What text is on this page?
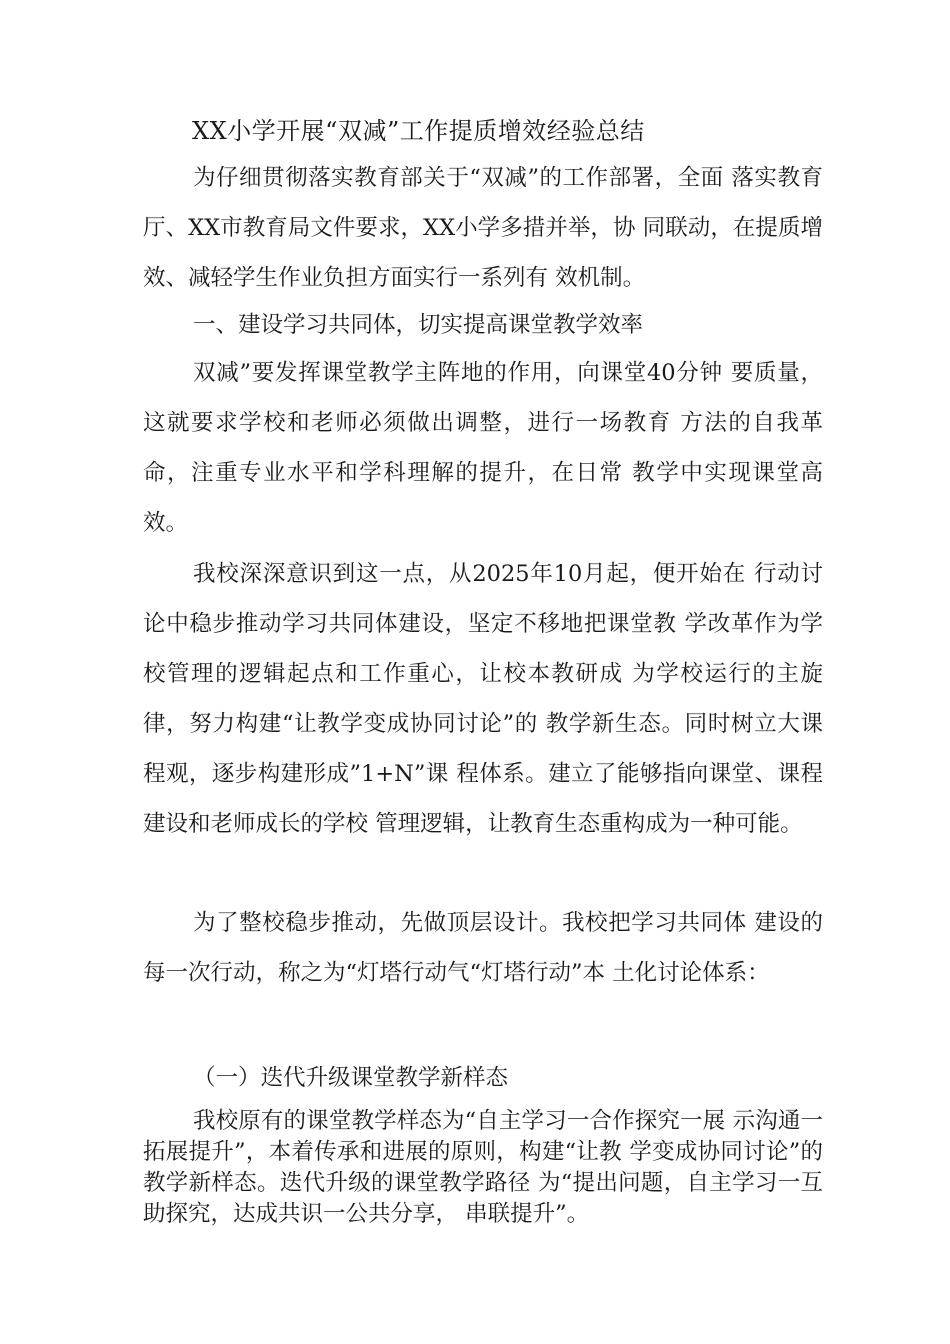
XX小学开展“双减”工作提质增效经验总结

为仔细贯彻落实教育部关于“双减”的工作部署，全面 落实教育厅、XX市教育局文件要求，XX小学多措并举，协 同联动，在提质增效、减轻学生作业负担方面实行一系列有 效机制。

一、建设学习共同体，切实提高课堂教学效率

双减”要发挥课堂教学主阵地的作用，向课堂40分钟 要质量，这就要求学校和老师必须做出调整，进行一场教育 方法的自我革命，注重专业水平和学科理解的提升，在日常 教学中实现课堂高效。

我校深深意识到这一点，从2025年10月起，便开始在 行动讨论中稳步推动学习共同体建设，坚定不移地把课堂教 学改革作为学校管理的逻辑起点和工作重心，让校本教研成 为学校运行的主旋律，努力构建“让教学变成协同讨论”的 教学新生态。同时树立大课程观，逐步构建形成”1+N”课 程体系。建立了能够指向课堂、课程建设和老师成长的学校 管理逻辑，让教育生态重构成为一种可能。

为了整校稳步推动，先做顶层设计。我校把学习共同体 建设的每一次行动，称之为“灯塔行动气“灯塔行动”本 土化讨论体系：

（一）迭代升级课堂教学新样态

我校原有的课堂教学样态为“自主学习一合作探究一展 示沟通一拓展提升”，本着传承和进展的原则，构建“让教 学变成协同讨论”的教学新样态。迭代升级的课堂教学路径 为“提出问题，自主学习一互助探究，达成共识一公共分享， 串联提升”。
